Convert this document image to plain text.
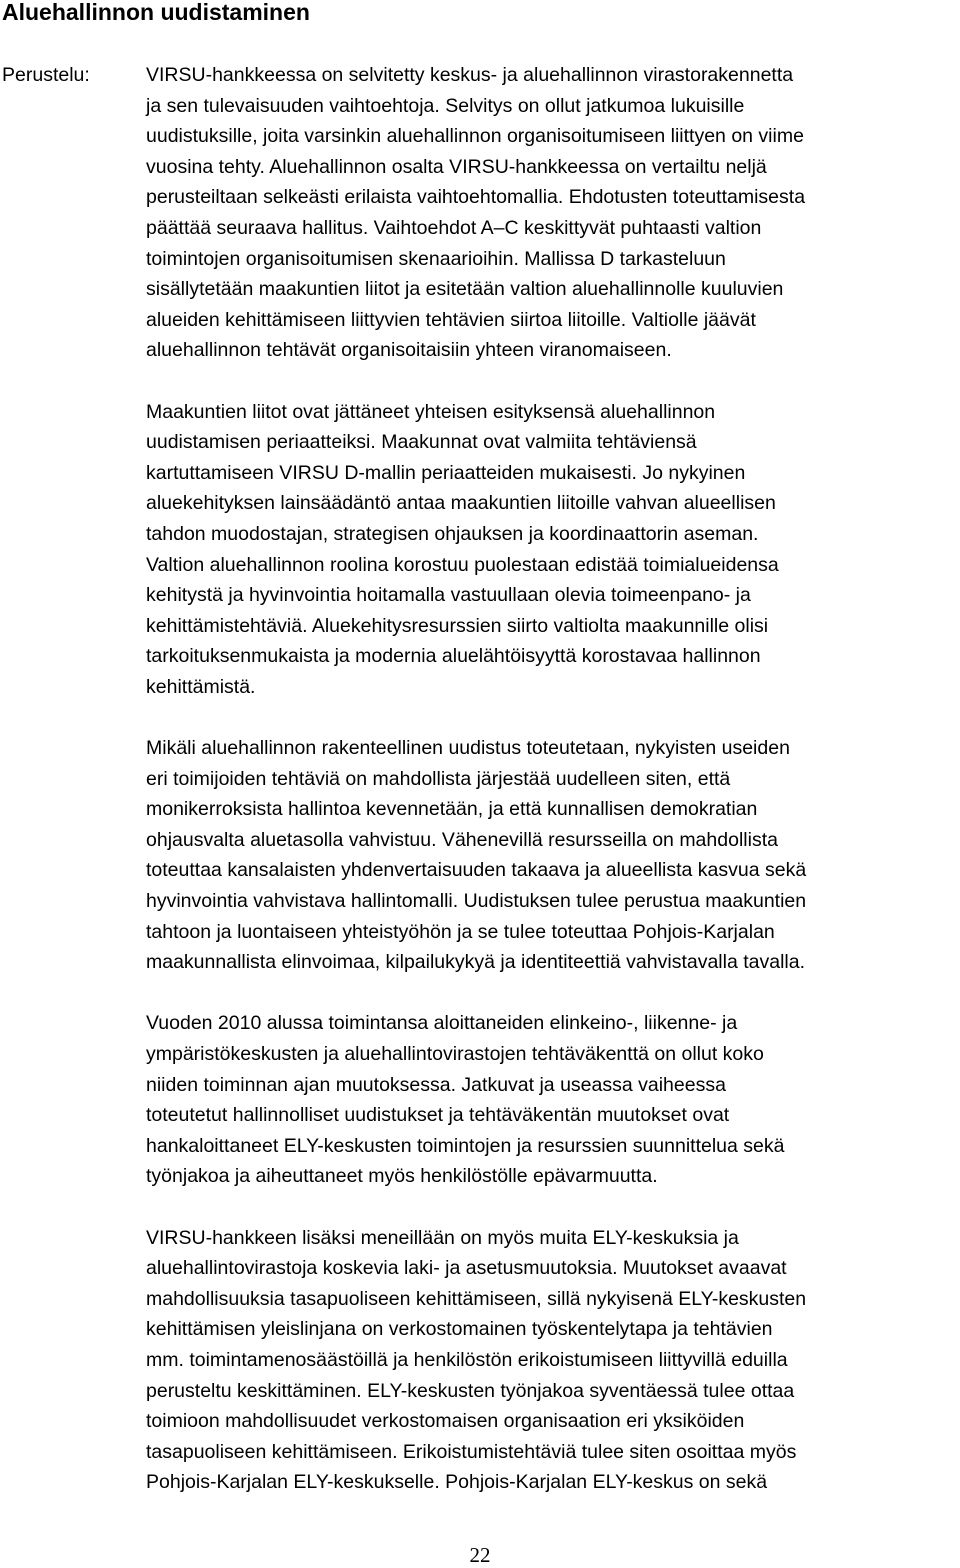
Aluehallinnon uudistaminen
Perustelu:	VIRSU-hankkeessa on selvitetty keskus- ja aluehallinnon virastorakennetta
ja sen tulevaisuuden vaihtoehtoja. Selvitys on ollut jatkumoa lukuisille
uudistuksille, joita varsinkin aluehallinnon organisoitumiseen liittyen on viime
vuosina tehty. Aluehallinnon osalta VIRSU-hankkeessa on vertailtu neljä
perusteiltaan selkeästi erilaista vaihtoehtomallia. Ehdotusten toteuttamisesta
päättää seuraava hallitus. Vaihtoehdot A–C keskittyvät puhtaasti valtion
toimintojen organisoitumisen skenaarioihin. Mallissa D tarkasteluun
sisällytetään maakuntien liitot ja esitetään valtion aluehallinnolle kuuluvien
alueiden kehittämiseen liittyvien tehtävien siirtoa liitoille. Valtiolle jäävät
aluehallinnon tehtävät organisoitaisiin yhteen viranomaiseen.
Maakuntien liitot ovat jättäneet yhteisen esityksensä aluehallinnon
uudistamisen periaatteiksi. Maakunnat ovat valmiita tehtäviensä
kartuttamiseen VIRSU D-mallin periaatteiden mukaisesti. Jo nykyinen
aluekehityksen lainsäädäntö antaa maakuntien liitoille vahvan alueellisen
tahdon muodostajan, strategisen ohjauksen ja koordinaattorin aseman.
Valtion aluehallinnon roolina korostuu puolestaan edistää toimialueidensa
kehitystä ja hyvinvointia hoitamalla vastuullaan olevia toimeenpano- ja
kehittämistehtäviä. Aluekehitysresurssien siirto valtiolta maakunnille olisi
tarkoituksenmukaista ja modernia aluelähtöisyyttä korostavaa hallinnon
kehittämistä.
Mikäli aluehallinnon rakenteellinen uudistus toteutetaan, nykyisten useiden
eri toimijoiden tehtäviä on mahdollista järjestää uudelleen siten, että
monikerroksista hallintoa kevennetään, ja että kunnallisen demokratian
ohjausvalta aluetasolla vahvistuu. Vähenevillä resursseilla on mahdollista
toteuttaa kansalaisten yhdenvertaisuuden takaava ja alueellista kasvua sekä
hyvinvointia vahvistava hallintomalli. Uudistuksen tulee perustua maakuntien
tahtoon ja luontaiseen yhteistyöhön ja se tulee toteuttaa Pohjois-Karjalan
maakunnallista elinvoimaa, kilpailukykyä ja identiteettiä vahvistavalla tavalla.
Vuoden 2010 alussa toimintansa aloittaneiden elinkeino-, liikenne- ja
ympäristökeskusten ja aluehallintovirastojen tehtäväkenttä on ollut koko
niiden toiminnan ajan muutoksessa. Jatkuvat ja useassa vaiheessa
toteutetut hallinnolliset uudistukset ja tehtäväkentän muutokset ovat
hankaloittaneet ELY-keskusten toimintojen ja resurssien suunnittelua sekä
työnjakoa ja aiheuttaneet myös henkilöstölle epävarmuutta.
VIRSU-hankkeen lisäksi meneillään on myös muita ELY-keskuksia ja
aluehallintovirastoja koskevia laki- ja asetusmuutoksia. Muutokset avaavat
mahdollisuuksia tasapuoliseen kehittämiseen, sillä nykyisenä ELY-keskusten
kehittämisen yleislinjana on verkostomainen työskentelytapa ja tehtävien
mm. toimintamenosäästöillä ja henkilöstön erikoistumiseen liittyvillä eduilla
perusteltu keskittäminen. ELY-keskusten työnjakoa syventäessä tulee ottaa
toimioon mahdollisuudet verkostomaisen organisaation eri yksiköiden
tasapuoliseen kehittämiseen. Erikoistumistehtäviä tulee siten osoittaa myös
Pohjois-Karjalan ELY-keskukselle. Pohjois-Karjalan ELY-keskus on sekä
22
